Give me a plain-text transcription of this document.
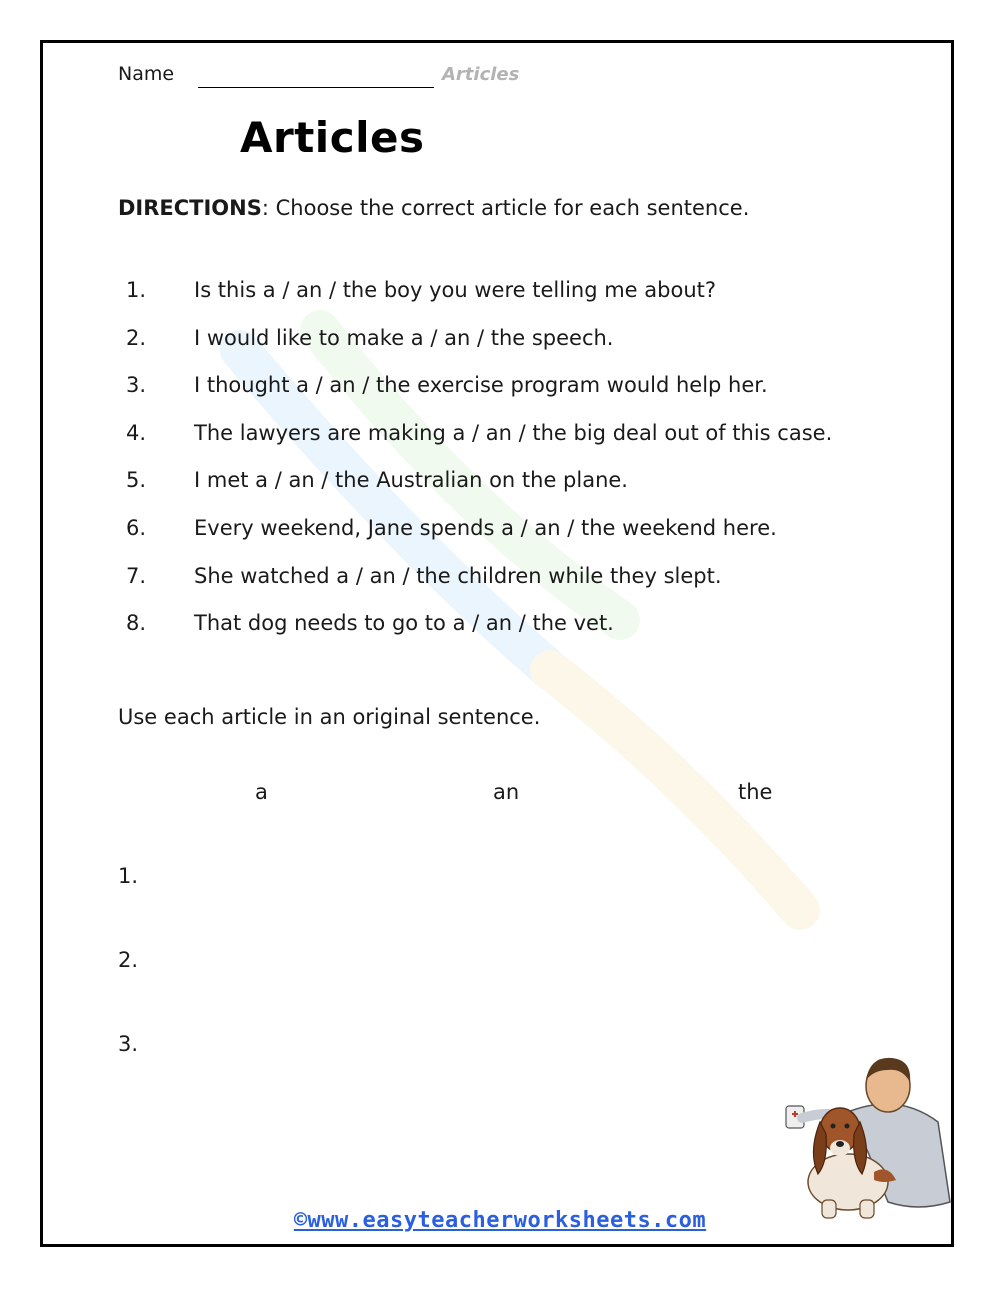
Name	Articles
Articles
DIRECTIONS: Choose the correct article for each sentence.
1.	Is this a / an / the boy you were telling me about?
2.	I would like to make a / an / the speech.
3.	I thought a / an / the exercise program would help her.
4.	The lawyers are making a / an / the big deal out of this case.
5.	I met a / an / the Australian on the plane.
6.	Every weekend, Jane spends a / an / the weekend here.
7.	She watched a / an / the children while they slept.
8.	That dog needs to go to a / an / the vet.
Use each article in an original sentence.
a	an	the
1.
2.
3.
©www.easyteacherworksheets.com
